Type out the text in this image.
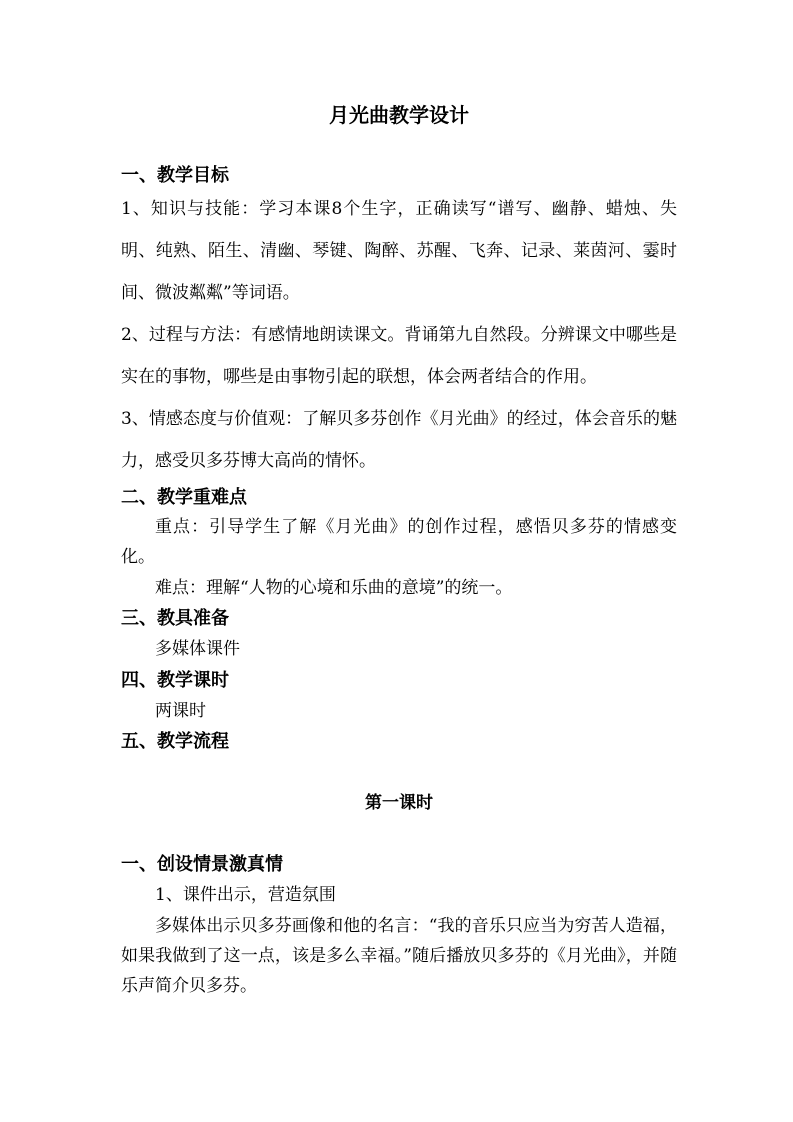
月光曲教学设计
一、教学目标

1、知识与技能：学习本课8个生字，正确读写“谱写、幽静、蜡烛、失明、纯熟、陌生、清幽、琴键、陶醉、苏醒、飞奔、记录、莱茵河、霎时间、微波粼粼”等词语。

2、过程与方法：有感情地朗读课文。背诵第九自然段。分辨课文中哪些是实在的事物，哪些是由事物引起的联想，体会两者结合的作用。

3、情感态度与价值观：了解贝多芬创作《月光曲》的经过，体会音乐的魅力，感受贝多芬博大高尚的情怀。

二、教学重难点

重点：引导学生了解《月光曲》的创作过程，感悟贝多芬的情感变化。

难点：理解“人物的心境和乐曲的意境”的统一。

三、教具准备

多媒体课件

四、教学课时

两课时

五、教学流程
第一课时
一、创设情景激真情

1、课件出示，营造氛围

多媒体出示贝多芬画像和他的名言：“我的音乐只应当为穷苦人造福，如果我做到了这一点，该是多么幸福。”随后播放贝多芬的《月光曲》，并随乐声简介贝多芬。
